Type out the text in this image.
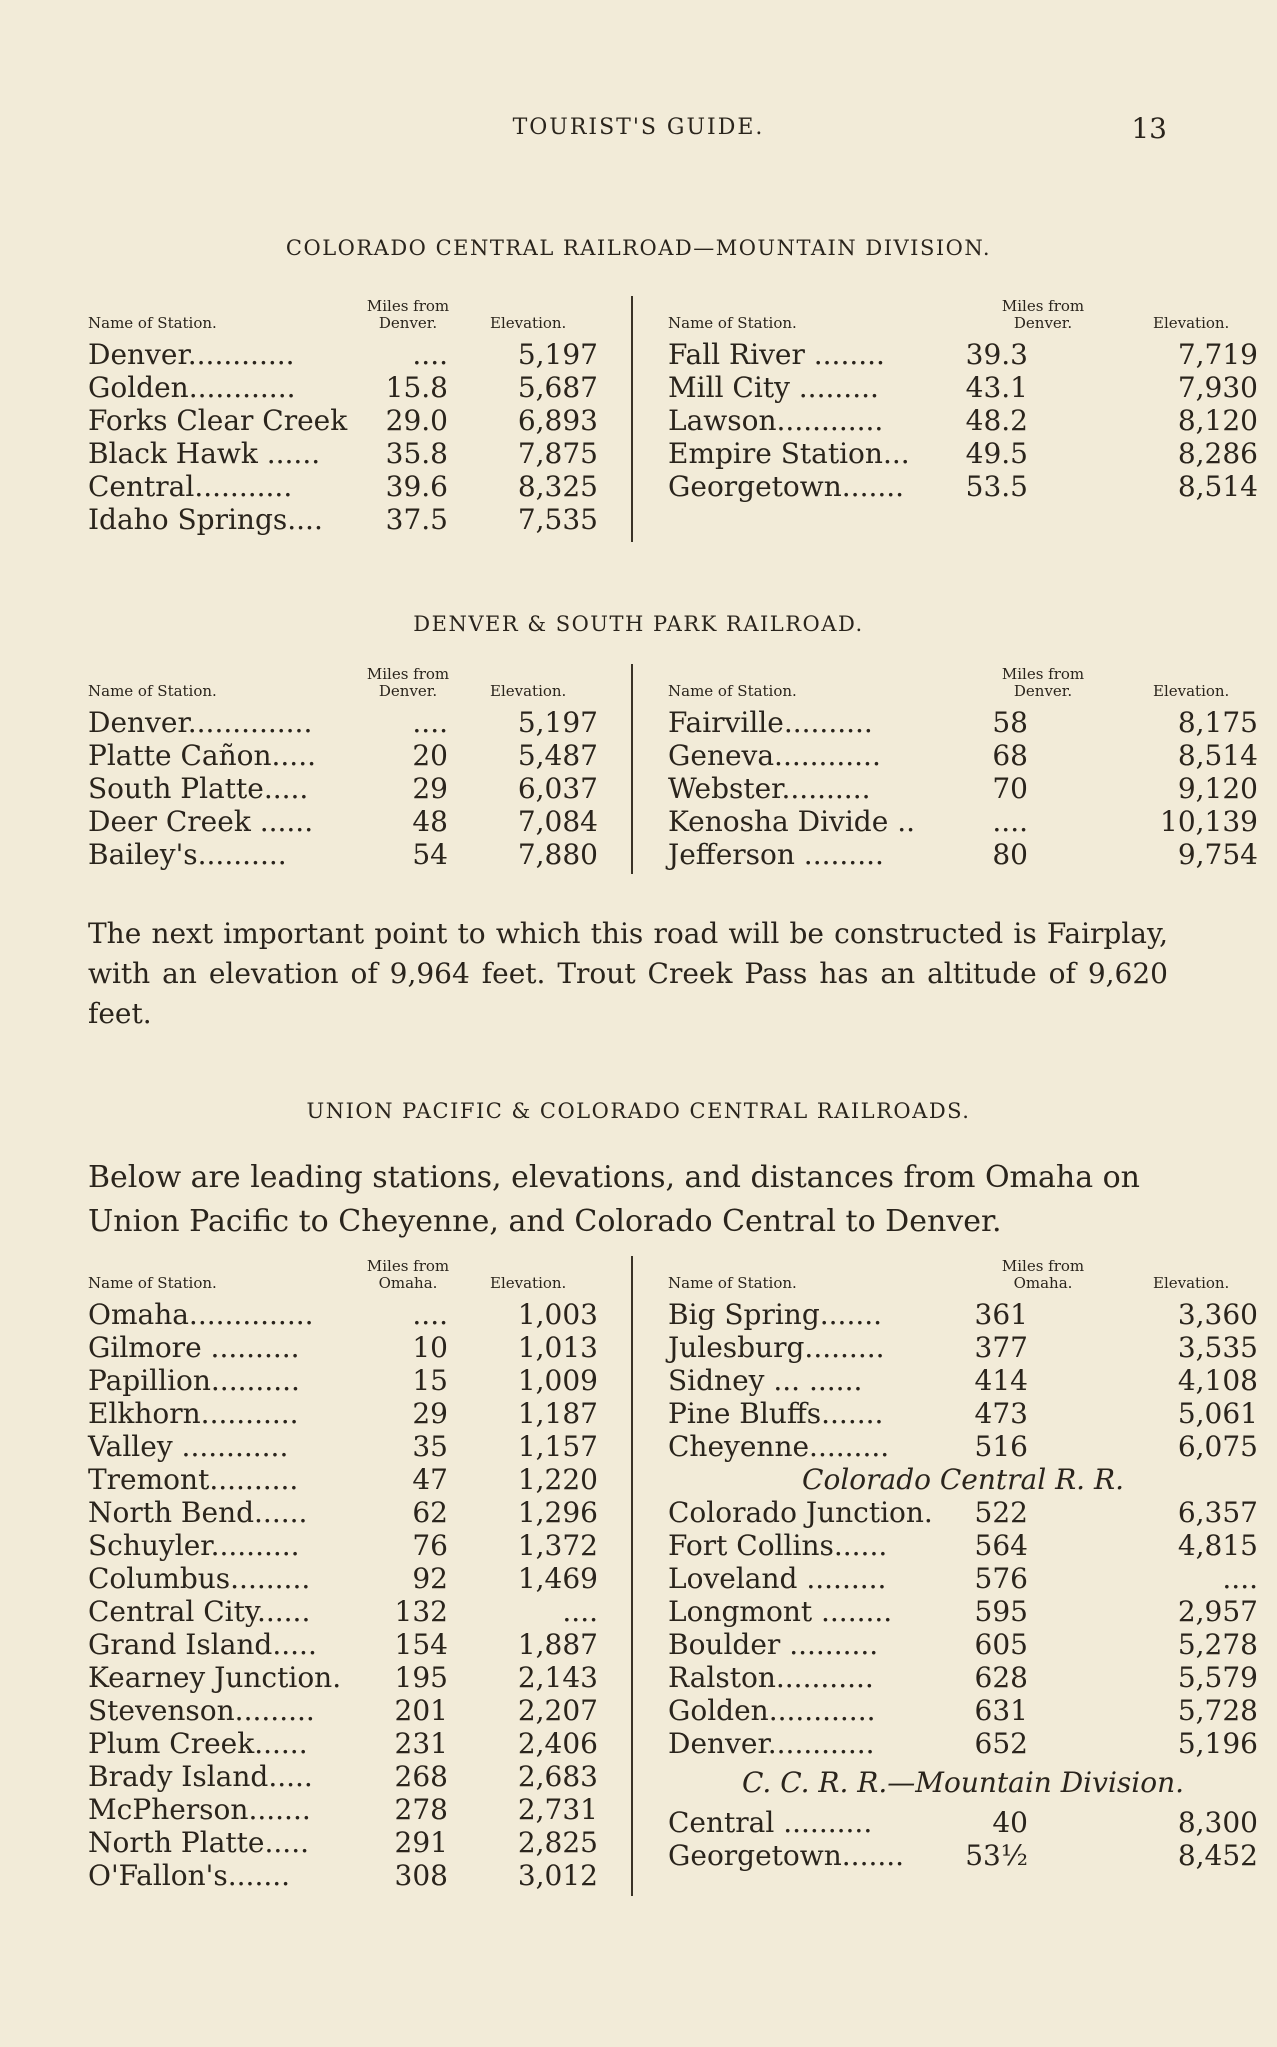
TOURIST'S GUIDE.	13
COLORADO CENTRAL RAILROAD—MOUNTAIN DIVISION.
Name of Station.
Miles from Denver.	Elevation.
Denver............	.... 5,197
Golden............	15.8 5,687
Forks Clear Creek 29.0 6,893
Black Hawk ...... 35.8 7,875
Central...........	39.6 8,325
Idaho Springs.... 37.5 7,535
Name of Station.
Miles from Denver.	Elevation.
Fall River ........	39.3	7,719
Mill City .........	43.1	7,930
Lawson............	48.2	8,120
Empire Station... 49.5	8,286
Georgetown....... 53.5	8,514
DENVER & SOUTH PARK RAILROAD.
Name of Station.
Miles from Denver.	Elevation.
Denver..............	.... 5,197
Platte Cañon.....	20 5,487
South Platte.....	29 6,037
Deer Creek ......	48 7,084
Bailey's..........	54 7,880
Name of Station.
Miles from Denver.	Elevation.
Fairville..........	58	8,175
Geneva............	68	8,514
Webster..........	70	9,120
Kenosha Divide ..	....	10,139
Jefferson .........	80	9,754
The next important point to which this road will be constructed is Fairplay, with an elevation of 9,964 feet. Trout Creek Pass has an altitude of 9,620 feet.
UNION PACIFIC & COLORADO CENTRAL RAILROADS.
Below are leading stations, elevations, and distances from Omaha on Union Pacific to Cheyenne, and Colorado Central to Denver.
Name of Station.
Miles from Omaha.	Elevation.
Omaha..............	.... 1,003
Gilmore ..........	10 1,013
Papillion..........	15 1,009
Elkhorn...........	29 1,187
Valley ............	35 1,157
Tremont..........	47 1,220
North Bend......	62 1,296
Schuyler..........	76 1,372
Columbus.........	92 1,469
Central City......	132	....
Grand Island.....	154 1,887
Kearney Junction. 195 2,143
Stevenson.........	201 2,207
Plum Creek......	231 2,406
Brady Island.....	268 2,683
McPherson.......	278 2,731
North Platte.....	291 2,825
O'Fallon's.......	308 3,012
Name of Station.
Miles from Omaha.	Elevation.
Big Spring.......	361	3,360
Julesburg.........	377	3,535
Sidney ... ......	414	4,108
Pine Bluffs.......	473	5,061
Cheyenne.........	516	6,075
Colorado Central R. R.
Colorado Junction. 522	6,357
Fort Collins......	564	4,815
Loveland .........	576	....
Longmont ........	595	2,957
Boulder ..........	605	5,278
Ralston...........	628	5,579
Golden............	631	5,728
Denver............	652	5,196
C. C. R. R.—Mountain Division.
Central ..........	40	8,300
Georgetown....... 53½	8,452
